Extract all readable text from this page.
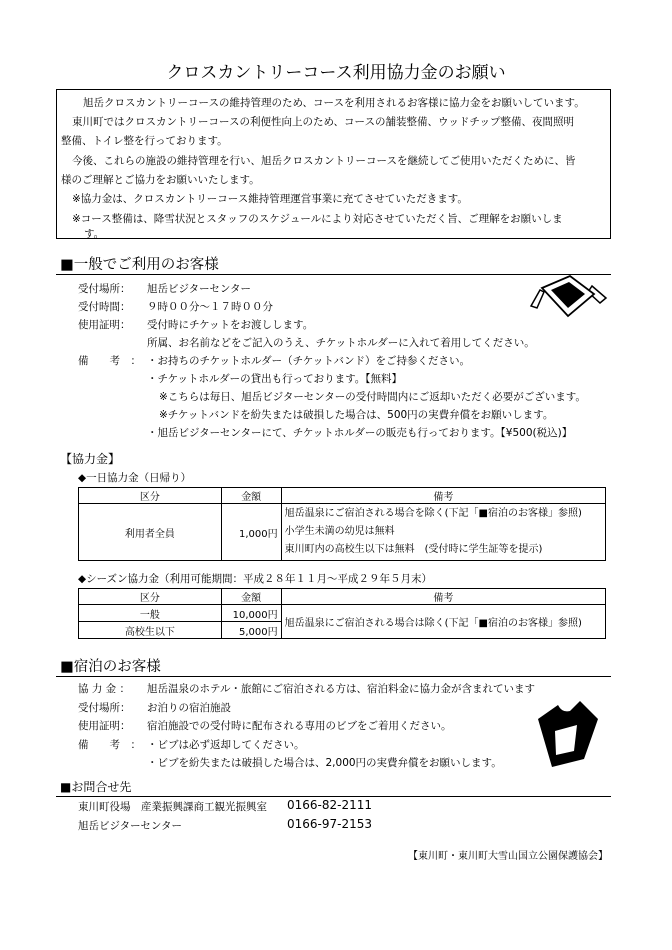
クロスカントリーコース利用協力金のお願い
旭岳クロスカントリーコースの維持管理のため、コースを利用されるお客様に協力金をお願いしています。
東川町ではクロスカントリーコースの利便性向上のため、コースの舗装整備、ウッドチップ整備、夜間照明
整備、トイレ整を行っております。
今後、これらの施設の維持管理を行い、旭岳クロスカントリーコースを継続してご使用いただくために、皆
様のご理解とご協力をお願いいたします。
※協力金は、クロスカントリーコース維持管理運営事業に充てさせていただきます。
※コース整備は、降雪状況とスタッフのスケジュールにより対応させていただく旨、ご理解をお願いしま
す。
■一般でご利用のお客様
受付場所： 旭岳ビジターセンター
受付時間： ９時００分～１７時００分
使用証明： 受付時にチケットをお渡しします。
所属、お名前などをご記入のうえ、チケットホルダーに入れて着用してください。
備　　考　： ・お持ちのチケットホルダー（チケットバンド）をご持参ください。
・チケットホルダーの貸出も行っております。【無料】
※こちらは毎日、旭岳ビジターセンターの受付時間内にご返却いただく必要がございます。
※チケットバンドを紛失または破損した場合は、500円の実費弁償をお願いします。
・旭岳ビジターセンターにて、チケットホルダーの販売も行っております。【¥500(税込)】
【協力金】
◆一日協力金（日帰り）
区分	金額	備考
利用者全員	1,000円	旭岳温泉にご宿泊される場合を除く(下記「■宿泊のお客様」参照)
小学生未満の幼児は無料
東川町内の高校生以下は無料　(受付時に学生証等を提示)
◆シーズン協力金（利用可能期間：平成２８年１１月～平成２９年５月末）
区分	金額	備考
一般	10,000円	旭岳温泉にご宿泊される場合は除く(下記「■宿泊のお客様」参照)
高校生以下	5,000円	
■宿泊のお客様
協 力 金 ： 旭岳温泉のホテル・旅館にご宿泊される方は、宿泊料金に協力金が含まれています
受付場所： お泊りの宿泊施設
使用証明： 宿泊施設での受付時に配布される専用のビブをご着用ください。
備　　考　： ・ビブは必ず返却してください。
・ビブを紛失または破損した場合は、2,000円の実費弁償をお願いします。
■お問合せ先
東川町役場　産業振興課商工観光振興室 0166-82-2111
旭岳ビジターセンター	0166-97-2153
【東川町・東川町大雪山国立公園保護協会】
